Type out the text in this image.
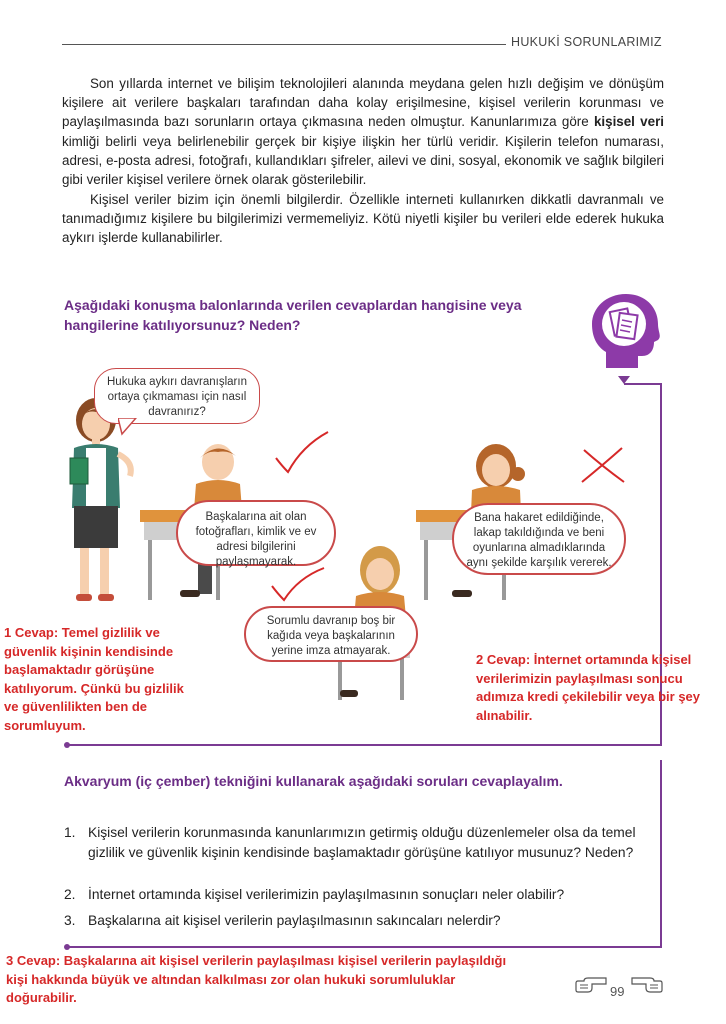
HUKUKİ SORUNLARIMIZ
Son yıllarda internet ve bilişim teknolojileri alanında meydana gelen hızlı değişim ve dönüşüm kişilere ait verilere başkaları tarafından daha kolay erişilmesine, kişisel verilerin korunması ve paylaşılmasında bazı sorunların ortaya çıkmasına neden olmuştur. Kanunlarımıza göre kişisel veri kimliği belirli veya belirlenebilir gerçek bir kişiye ilişkin her türlü veridir. Kişilerin telefon numarası, adresi, e-posta adresi, fotoğrafı, kullandıkları şifreler, ailevi ve dini, sosyal, ekonomik ve sağlık bilgileri gibi veriler kişisel verilere örnek olarak gösterilebilir.
Kişisel veriler bizim için önemli bilgilerdir. Özellikle interneti kullanırken dikkatli davranmalı ve tanımadığımız kişilere bu bilgilerimizi vermemeliyiz. Kötü niyetli kişiler bu verileri elde ederek hukuka aykırı işlerde kullanabilirler.
Aşağıdaki konuşma balonlarında verilen cevaplardan hangisine veya hangilerine katılıyorsunuz? Neden?
Hukuka aykırı davranışların ortaya çıkmaması için nasıl davranırız?
Başkalarına ait olan fotoğrafları, kimlik ve ev adresi bilgilerini paylaşmayarak.
Bana hakaret edildiğinde, lakap takıldığında ve beni oyunlarına almadıklarında aynı şekilde karşılık vererek.
Sorumlu davranıp boş bir kağıda veya başkalarının yerine imza atmayarak.
1 Cevap: Temel gizlilik ve güvenlik kişinin kendisinde başlamaktadır görüşüne katılıyorum. Çünkü bu gizlilik ve güvenlilikten ben de sorumluyum.
2 Cevap: İnternet ortamında kişisel verilerimizin paylaşılması sonucu adımıza kredi çekilebilir veya bir şey alınabilir.
Akvaryum (iç çember) tekniğini kullanarak aşağıdaki soruları cevaplayalım.
1. Kişisel verilerin korunmasında kanunlarımızın getirmiş olduğu düzenlemeler olsa da temel gizlilik ve güvenlik kişinin kendisinde başlamaktadır görüşüne katılıyor musunuz? Neden?
2. İnternet ortamında kişisel verilerimizin paylaşılmasının sonuçları neler olabilir?
3. Başkalarına ait kişisel verilerin paylaşılmasının sakıncaları nelerdir?
3 Cevap: Başkalarına ait kişisel verilerin paylaşılması kişisel verilerin paylaşıldığı kişi hakkında büyük ve altından kalkılması zor olan hukuki sorumluluklar doğurabilir.	99
